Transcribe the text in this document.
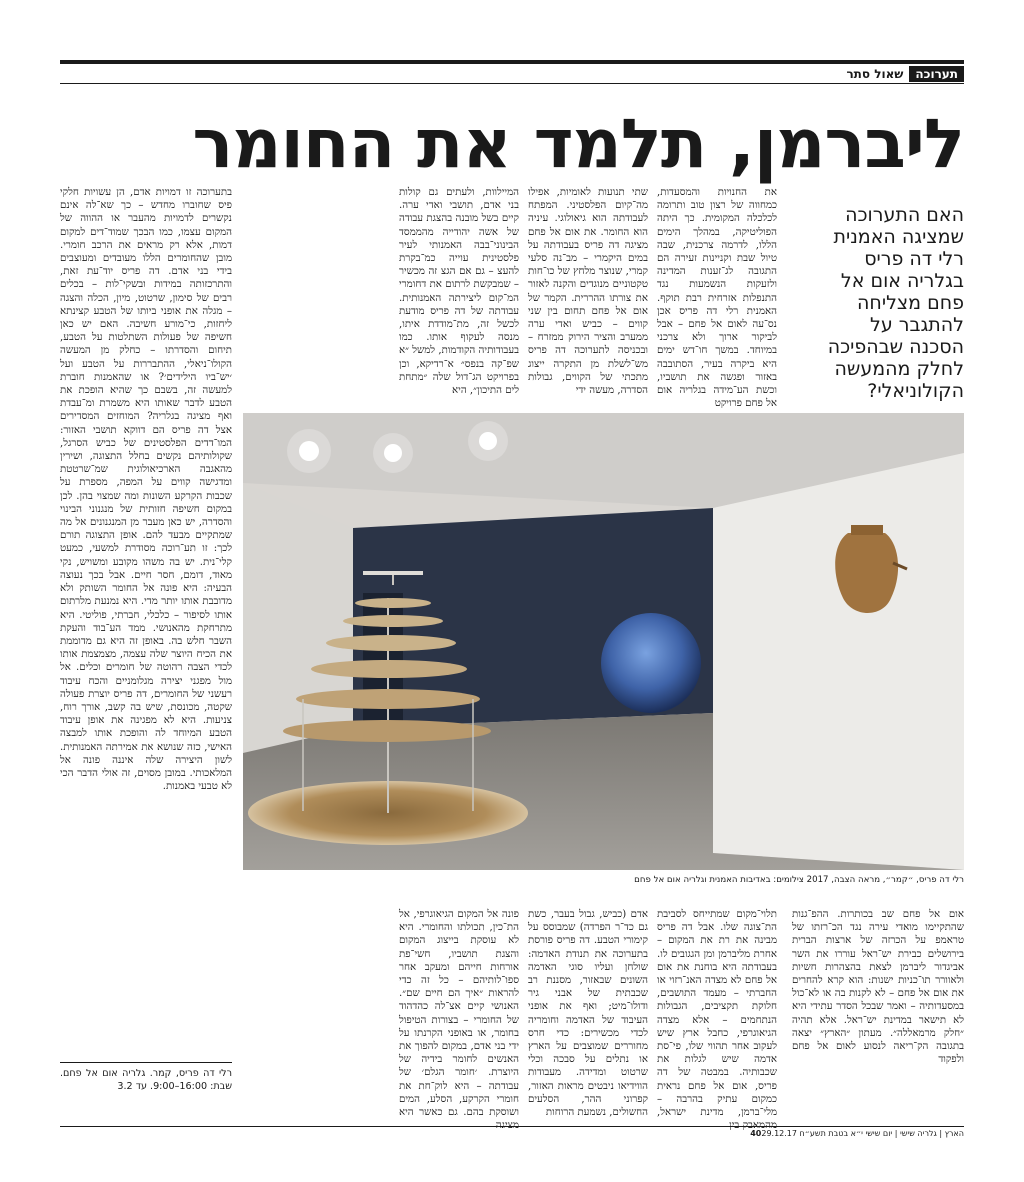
תערוכה
שאול סתר
ליברמן, תלמד את החומר
האם התערוכה שמציגה האמנית רלי דה פריס בגלריה אום אל פחם מצליחה להתגבר על הסכנה שבהפיכה לחלק מהמעשה הקולוניאלי?

את החנויות והמסעדות, כמחווה של רצון טוב ותרומה לכלכלה המקומית. כך היתה הפוליטיקה, במהלך הימים הללו, לדרמה צרכנית, שבה טיול שבת וקניינות זעירה הם התגובה לג־זענות המדינה ולזעקות הנשמעות נגד התנפלות אזרחית רבת תוקף. האמנית רלי דה פריס אכן נס־עה לאום אל פחם – אבל לביקור ארוך ולא צרכני במיוחד. במשך חו־דש ימים היא ביקרה בעיר, הסתובבה באזור ופגשה את תושביו, וכשת הע־מידה בגלריה אום אל פחם פרויקט

שתי תנועות לאומיות, אפילו מה־קיום הפלסטיני. המפתח לעבודתה הוא גיאולוגי. עיניה הוא החומר. את אום אל פחם מציגה דה פריס בעבודתה על במים היקמרי – מב־נה סלעי קמרי, שנוצר מלחץ של כו־חות טקטוניים מנוגדים והקנה לאזור את צורתו ההררית. הקמר של אום אל פחם תחום בין שני קווים – כביש ואדי ערה ממערב והציר הירוק ממזרח – ובכניסה לתערוכה דה פריס מש־לשלת מן התקרה ייצוג מתכתי של הקווים, גבולות הסדרה, מעשה ידי

המיילוות, ולעתים גם קולות בני אדם, תושבי ואדי ערה. קיים בשל מובנה בהצגת עבודה של אשה יהודייה מהממסד הבינוני־בבה האמנותי לעיר פלסטינית עוייה כמ־בקרת להעצ – גם אם הגצ זה מכשיר – שמבקשת לרתום את דחומרי המ־קום ליצירתה האמנותית. עבודתה של דה פריס מודעת לכשל זה, מת־מודדת איתו, מנסה לעקוף אותו. כמו בעבודותיה הקודמות, למשל ״א שפ־קה בנפס״ א־רדיקא, וכן בפרויקט הג־דול שלה ״מתחת לים התיכון״, היא

בתערוכה זו דמויות אדם, הן עשויות חלקי פיס שחוברו מחדש – כך שא־לה אינם נקשרים לדמויות מהעבר או ההווה של המקום עצמו, כמו הבכך שמוד־דים למקום דמות, אלא רק מראים את הרכב חומרי. מובן שהחומרים הללו מעובדים ומעוצבים בידי בני אדם. דה פריס יוד־עת זאת, והתרכזותה במידות ובשקי־לות – בכלים רבים של סימון, שרטוט, מיון, הכלה והצגה – מגלה את אופני ביותו של הטבע קצינתא ליחזות, כי־מורע חשיבה. האם יש כאן חשיפה של פעולות השתלטות על הטבע, תיחום והסדרתו – כחלק מן המעשה הקולו־ניאלי, ההתבררות על הטבע ועל ׳יש־ביו הילידים׳? או שהאמנות חוברת למעשה זה, בשבם כך שהיא הופכת את הטבע לדבר שאותו היא משמרת ומ־עבדת ואף מציגה בגלריה? המוחזים המסדירים אצל דה פריס הם דווקא תושבי האזור: המו־דדים הפלסטינים של כביש הסרגל, שקולותיהם נקשים בחלל התצוגה, ושירין מהאגבה הארכיאולוגית שמ־שרטטת ומדגישה קווים על המפה, מספרת על שכבות הקרקע השונות ומה שמצוי בהן. לכן במקום חשיפה חזותית של מנגנוני הבינוי והסדרה, יש כאן מעבר מן המנגנונים אל מה שמתקיים מבעד להם. אופן התצוגה תורם לכך: זו תע־רוכה מסודרת למשעי, כמעט קלי־נית. יש בה משהו מקובע ומשויש, נקי מאוד, דומם, חסר חיים. אבל בכך נעוצה הבעיה: היא פונה אל החומר השותק ולא מדובבת אותו יותר מדי. היא נמנעת מלרתום אותו לסיפור – כלכלי, חברתי, פוליטי. היא מתרחקת מהאנושי. ממד הע־בוד והעקת השבר חלש בה. באופן זה היא גם מדוממת את הכיח היוצר שלה עצמה, מצמצמת אותו לכדי הצבה רהוטה של חומרים וכלים. אל מול מפגני יצירה מגלומניים והכח עיבוד רעשני של החומרים, דה פריס יוצרת פעולה שקטה, מכונסת, שיש בה קשב, אורך רוח, צניעות. היא לא מפגינה את אופן עיבוד הטבע המיוחד לה והופכת אותו למבצה האישי, כזה שנושא את אמירתה האמנותית. לשון היצירה שלה איננה פונה אל המלאכותי. במובן מסוים, זה אולי הדבר הכי לא טבעי באמנות.

רלי דה פריס, קמר. גלריה אום אל פחם. שבת: 16:00–9:00. עד 3.2

רלי דה פריס, ״קמר״, מראה הצבה, 2017 צילומים: באדיבות האמנית וגלריה אום אל פחם

אום אל פחם שב בכותרות. ההפ־גנות שהתקיימו מואדי עירה נגד הכ־רזתו של טראמפ על הכרזה של ארצות הברית בירושלים כבירת יש־ראל עוררו את השר אביגדור ליברמן לצאת בהצהרות חשיות ולאוורר תו־כניות ישנות: הוא קרא להחרים את אום אל פחם – לא לקנות בה או לא־כול במסעדותיה – ואמר שבכל הסדר עתידי היא לא תישאר במדינת יש־ראל. אלא תהיה ״חלק מרמאללה״. מעתון ״הארץ״ יצאה בתגובה הק־ריאה לנסוע לאום אל פחם ולפקוד

תלוי־מקום שמתייחס לסביבת הת־צוגה שלו. אבל דה פריס מבינה את רת את המקום – אחרת מליברמן ומן הגגובים לו. בעבודתה היא בוחנת את אום אל פחם לא מצדה האנ־רזוי או החברתי – מעמד התושבים, חלוקת תקציבים, הגבולות הנתחמים – אלא מצדה הגיאוגרפי, כחבל ארץ שיש לעקוב אחר תהווי שלו, פי־סת אדמה שיש לגלות את שכבותיה. במבטה של דה פריס, אום אל פחם נראית כמקום עתיק בהרבה – מלי־ברמן, מדינת ישראל, מהמאבק בין

אדם (כביש, גבול בעבר, כשת גם כד־ר הפרדה) שמבוסס על קימורי הטבע. דה פריס פורסת בתערוכה את תנודת האדמה: שולחן ועליו סוגי האדמה השונים שבאזור, מסננת רב שכבתית של אבני גיר ודולו־מיט; ואף את אופני העיבוד של האדמה וחומריה לכדי מכשירים: כדי חרס מחוררים שמוצבים על הארץ או נתלים על סבכה וכלי שרטוט ומדידה. מעבודות הווידיאו ניבטים מראות האזור, קפרוני ההר, הסלעים החשולים, נשמעת הרוחות

פונה אל המקום הגיאוגרפי, אל הת־כין, תכולתו והחומרי. היא לא עוסקת בייצוג המקום והצגת תושביו, חשי־פת אורחות חייהם ומעקב אחר ספו־לותיהם – כל זה כדי להראות ״איך הם חיים שם״. האנושי קיים אצ־לה כהדהוד של החומרי – בצורות הטיפול בחומר, או באופני הקרנתו על ידי בני אדם, במקום להפוך את האנשים לחומר בידיה של היוצרת. ׳חומר הגלם׳ של עבודתה – היא לוק־חת את חומרי הקרקע, הסלע, המים ושוסקת בהם. גם כאשר היא מציגה

הארץ | גלריה שישי | יום שישי י״א בטבת תשע״ח 29.12.17
40
